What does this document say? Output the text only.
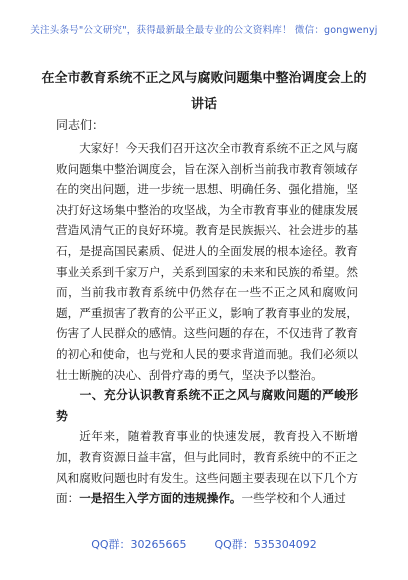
关注头条号"公文研究"，获得最新最全最专业的公文资料库！ 微信：gongwenyj
在全市教育系统不正之风与腐败问题集中整治调度会上的讲话
同志们：

大家好！今天我们召开这次全市教育系统不正之风与腐败问题集中整治调度会，旨在深入剖析当前我市教育领域存在的突出问题，进一步统一思想、明确任务、强化措施，坚决打好这场集中整治的攻坚战，为全市教育事业的健康发展营造风清气正的良好环境。教育是民族振兴、社会进步的基石，是提高国民素质、促进人的全面发展的根本途径。教育事业关系到千家万户，关系到国家的未来和民族的希望。然而，当前我市教育系统中仍然存在一些不正之风和腐败问题，严重损害了教育的公平正义，影响了教育事业的发展，伤害了人民群众的感情。这些问题的存在，不仅违背了教育的初心和使命，也与党和人民的要求背道而驰。我们必须以壮士断腕的决心、刮骨疗毒的勇气，坚决予以整治。

一、充分认识教育系统不正之风与腐败问题的严峻形势

近年来，随着教育事业的快速发展，教育投入不断增加，教育资源日益丰富，但与此同时，教育系统中的不正之风和腐败问题也时有发生。这些问题主要表现在以下几个方面：一是招生入学方面的违规操作。一些学校和个人通过

QQ群：30265665	QQ群：535304092
